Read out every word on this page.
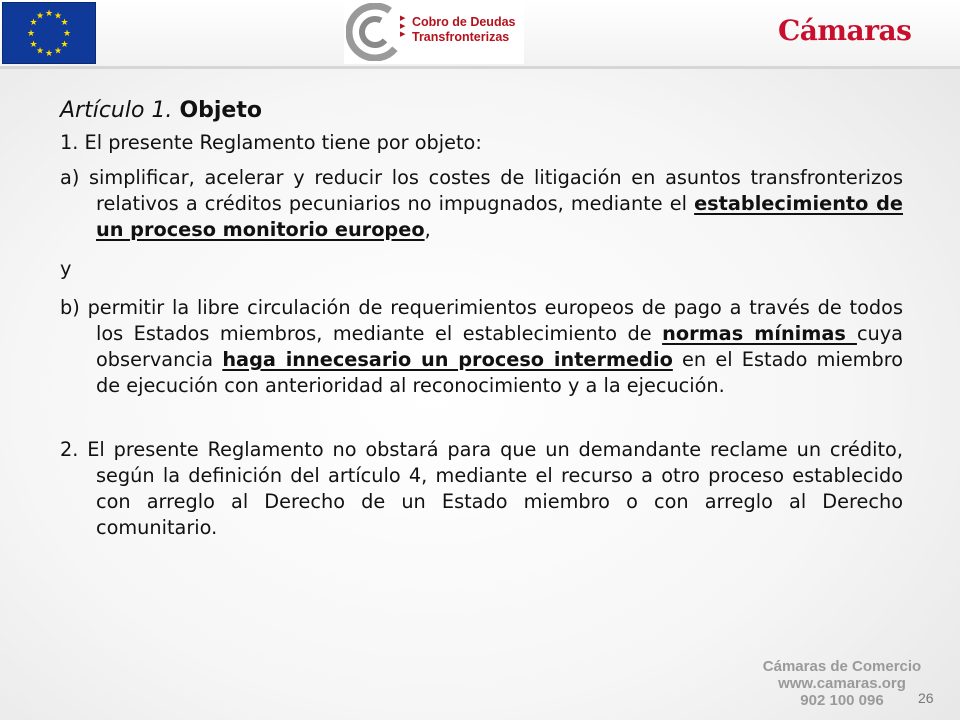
★ ★
★
★
★
★
★
★
★
★
★
★	▶
▶
▶
Cobro de Deudas
Transfronterizas	Cámaras
Artículo 1. Objeto

1. El presente Reglamento tiene por objeto:

a) simplificar, acelerar y reducir los costes de litigación en asuntos transfronterizos relativos a créditos pecuniarios no impugnados, mediante el establecimiento de un proceso monitorio europeo,

y

b) permitir la libre circulación de requerimientos europeos de pago a través de todos los Estados miembros, mediante el establecimiento de normas mínimas cuya observancia haga innecesario un proceso intermedio en el Estado miembro de ejecución con anterioridad al reconocimiento y a la ejecución.

2. El presente Reglamento no obstará para que un demandante reclame un crédito, según la definición del artículo 4, mediante el recurso a otro proceso establecido con arreglo al Derecho de un Estado miembro o con arreglo al Derecho comunitario.

Cámaras de Comercio
www.camaras.org
902 100 096	26
